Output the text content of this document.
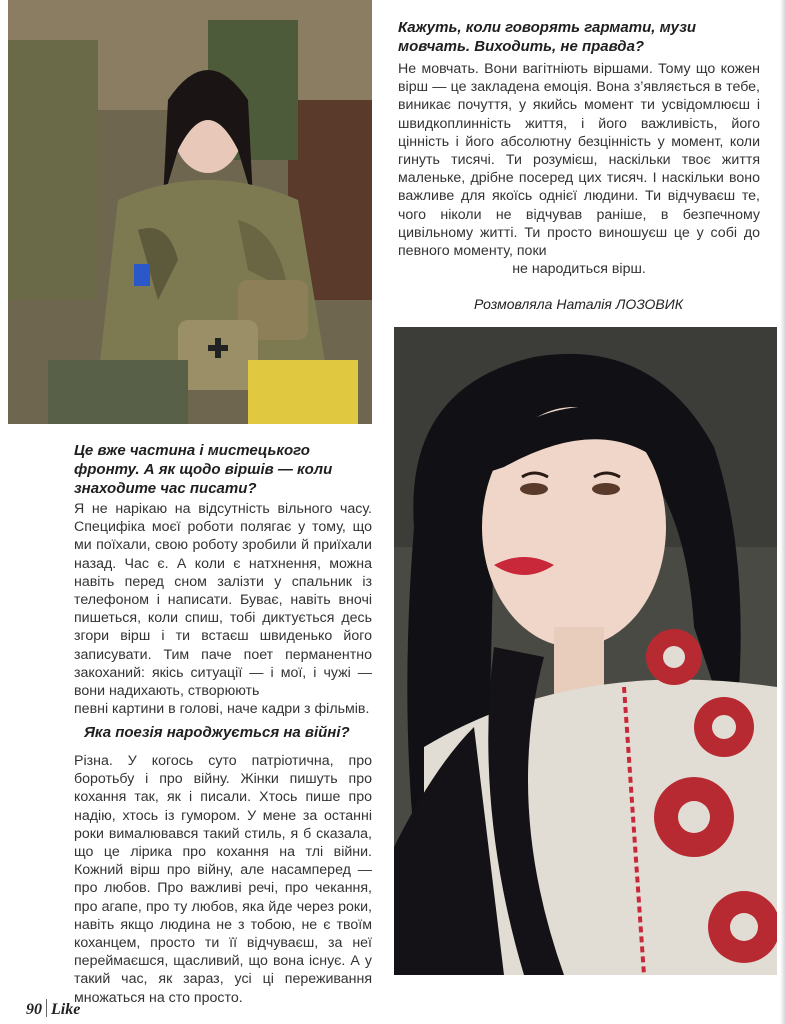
Кажуть, коли говорять гармати, музи мовчать. Виходить, не правда?

Не мовчать. Вони вагітніють віршами. Тому що кожен вірш — це закладена емоція. Вона з’являється в тебе, виникає почуття, у якийсь момент ти усвідомлюєш і швидкоплинність життя, і його важливість, його цінність і його абсолютну безцінність у момент, коли гинуть тисячі. Ти розумієш, наскільки твоє життя маленьке, дрібне посеред цих тисяч. І наскільки воно важливе для якоїсь однієї людини. Ти відчуваєш те, чого ніколи не відчував раніше, в безпечному цивільному житті. Ти просто виношуєш це у собі до певного моменту, поки
не народиться вірш.

Розмовляла Наталія ЛОЗОВИК
Це вже частина і мистецького фронту. А як щодо віршів — коли знаходите час писати?

Я не нарікаю на відсутність вільного часу. Специфіка моєї роботи полягає у тому, що ми поїхали, свою роботу зробили й приїхали назад. Час є. А коли є натхнення, можна навіть перед сном залізти у спальник із телефоном і написати. Буває, навіть вночі пишеться, коли спиш, тобі диктується десь згори вірш і ти встаєш швиденько його записувати. Тим паче поет перманентно закоханий: якісь ситуації — і мої, і чужі — вони надихають, створюють
певні картини в голові, наче кадри з фільмів.

Яка поезія народжується на війні?

Різна. У когось суто патріотична, про боротьбу і про війну. Жінки пишуть про кохання так, як і писали. Хтось пише про надію, хтось із гумором. У мене за останні роки вималювався такий стиль, я б сказала, що це лірика про кохання на тлі війни. Кожний вірш про війну, але насамперед — про любов. Про важливі речі, про чекання, про агапе, про ту любов, яка йде через роки, навіть якщо людина не з тобою, не є твоїм коханцем, просто ти її відчуваєш, за неї переймаєшся, щасливий, що вона існує. А у такий час, як зараз, усі ці переживання множаться на сто просто.

90 Like
